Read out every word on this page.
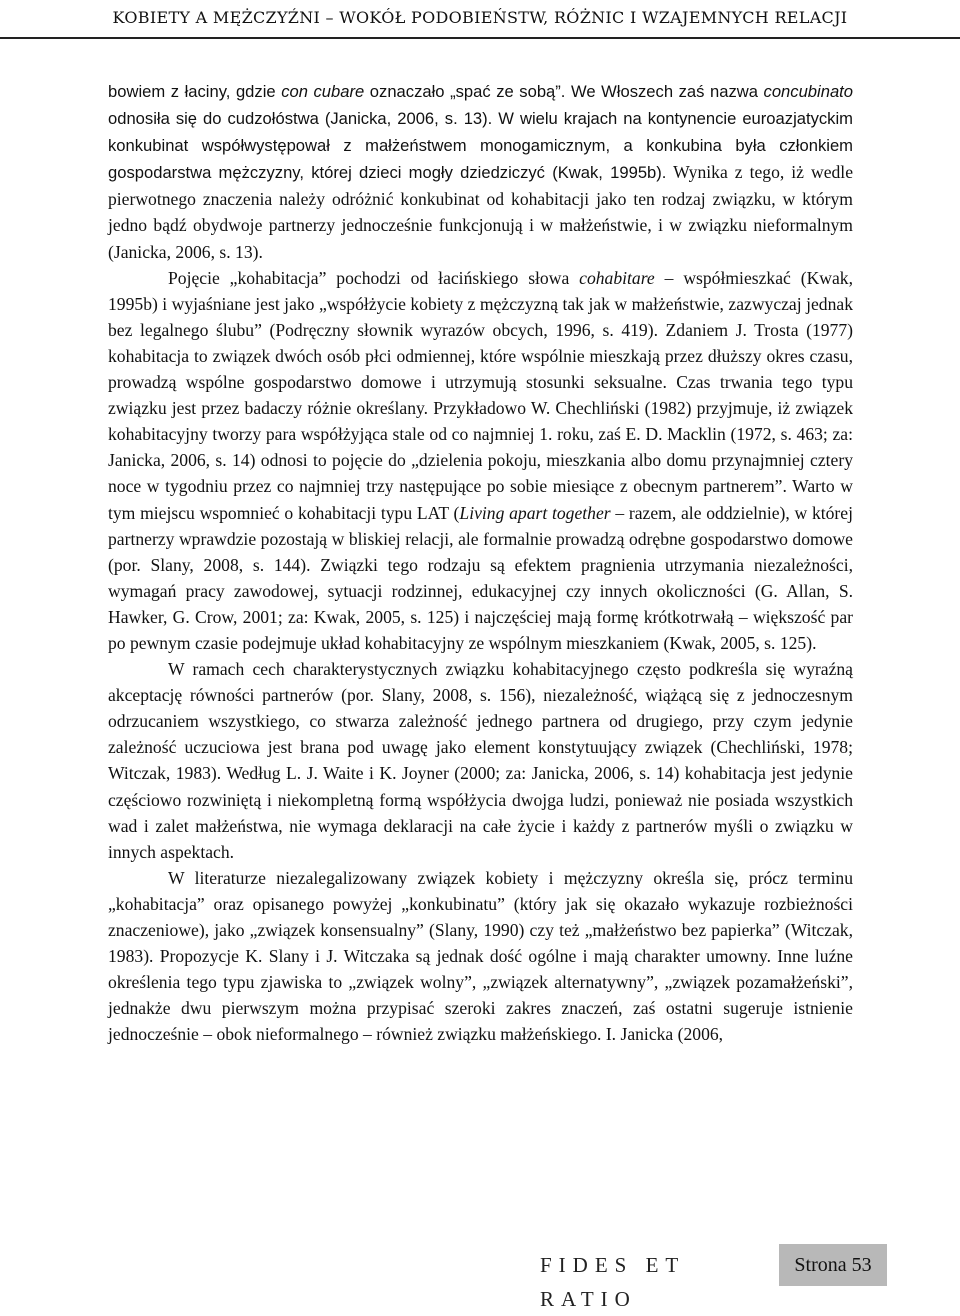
KOBIETY A MĘŻCZYŹNI – WOKÓŁ PODOBIEŃSTW, RÓŻNIC I WZAJEMNYCH RELACJI

bowiem z łaciny, gdzie con cubare oznaczało „spać ze sobą”. We Włoszech zaś nazwa concubinato odnosiła się do cudzołóstwa (Janicka, 2006, s. 13). W wielu krajach na kontynencie euroazjatyckim konkubinat współwystępował z małżeństwem monogamicznym, a konkubina była członkiem gospodarstwa mężczyzny, której dzieci mogły dziedziczyć (Kwak, 1995b). Wynika z tego, iż wedle pierwotnego znaczenia należy odróżnić konkubinat od kohabitacji jako ten rodzaj związku, w którym jedno bądź obydwoje partnerzy jednocześnie funkcjonują i w małżeństwie, i w związku nieformalnym (Janicka, 2006, s. 13).

Pojęcie „kohabitacja” pochodzi od łacińskiego słowa cohabitare – współmieszkać (Kwak, 1995b) i wyjaśniane jest jako „współżycie kobiety z mężczyzną tak jak w małżeństwie, zazwyczaj jednak bez legalnego ślubu” (Podręczny słownik wyrazów obcych, 1996, s. 419). Zdaniem J. Trosta (1977) kohabitacja to związek dwóch osób płci odmiennej, które wspólnie mieszkają przez dłuższy okres czasu, prowadzą wspólne gospodarstwo domowe i utrzymują stosunki seksualne. Czas trwania tego typu związku jest przez badaczy różnie określany. Przykładowo W. Chechliński (1982) przyjmuje, iż związek kohabitacyjny tworzy para współżyjąca stale od co najmniej 1. roku, zaś E. D. Macklin (1972, s. 463; za: Janicka, 2006, s. 14) odnosi to pojęcie do „dzielenia pokoju, mieszkania albo domu przynajmniej cztery noce w tygodniu przez co najmniej trzy następujące po sobie miesiące z obecnym partnerem”. Warto w tym miejscu wspomnieć o kohabitacji typu LAT (Living apart together – razem, ale oddzielnie), w której partnerzy wprawdzie pozostają w bliskiej relacji, ale formalnie prowadzą odrębne gospodarstwo domowe (por. Slany, 2008, s. 144). Związki tego rodzaju są efektem pragnienia utrzymania niezależności, wymagań pracy zawodowej, sytuacji rodzinnej, edukacyjnej czy innych okoliczności (G. Allan, S. Hawker, G. Crow, 2001; za: Kwak, 2005, s. 125) i najczęściej mają formę krótkotrwałą – większość par po pewnym czasie podejmuje układ kohabitacyjny ze wspólnym mieszkaniem (Kwak, 2005, s. 125).

W ramach cech charakterystycznych związku kohabitacyjnego często podkreśla się wyraźną akceptację równości partnerów (por. Slany, 2008, s. 156), niezależność, wiążącą się z jednoczesnym odrzucaniem wszystkiego, co stwarza zależność jednego partnera od drugiego, przy czym jedynie zależność uczuciowa jest brana pod uwagę jako element konstytuujący związek (Chechliński, 1978; Witczak, 1983). Według L. J. Waite i K. Joyner (2000; za: Janicka, 2006, s. 14) kohabitacja jest jedynie częściowo rozwiniętą i niekompletną formą współżycia dwojga ludzi, ponieważ nie posiada wszystkich wad i zalet małżeństwa, nie wymaga deklaracji na całe życie i każdy z partnerów myśli o związku w innych aspektach.

W literaturze niezalegalizowany związek kobiety i mężczyzny określa się, prócz terminu „kohabitacja” oraz opisanego powyżej „konkubinatu” (który jak się okazało wykazuje rozbieżności znaczeniowe), jako „związek konsensualny” (Slany, 1990) czy też „małżeństwo bez papierka” (Witczak, 1983). Propozycje K. Slany i J. Witczaka są jednak dość ogólne i mają charakter umowny. Inne luźne określenia tego typu zjawiska to „związek wolny”, „związek alternatywny”, „związek pozamałżeński”, jednakże dwu pierwszym można przypisać szeroki zakres znaczeń, zaś ostatni sugeruje istnienie jednocześnie – obok nieformalnego – również związku małżeńskiego. I. Janicka (2006,

FIDES ET RATIO
Strona 53
